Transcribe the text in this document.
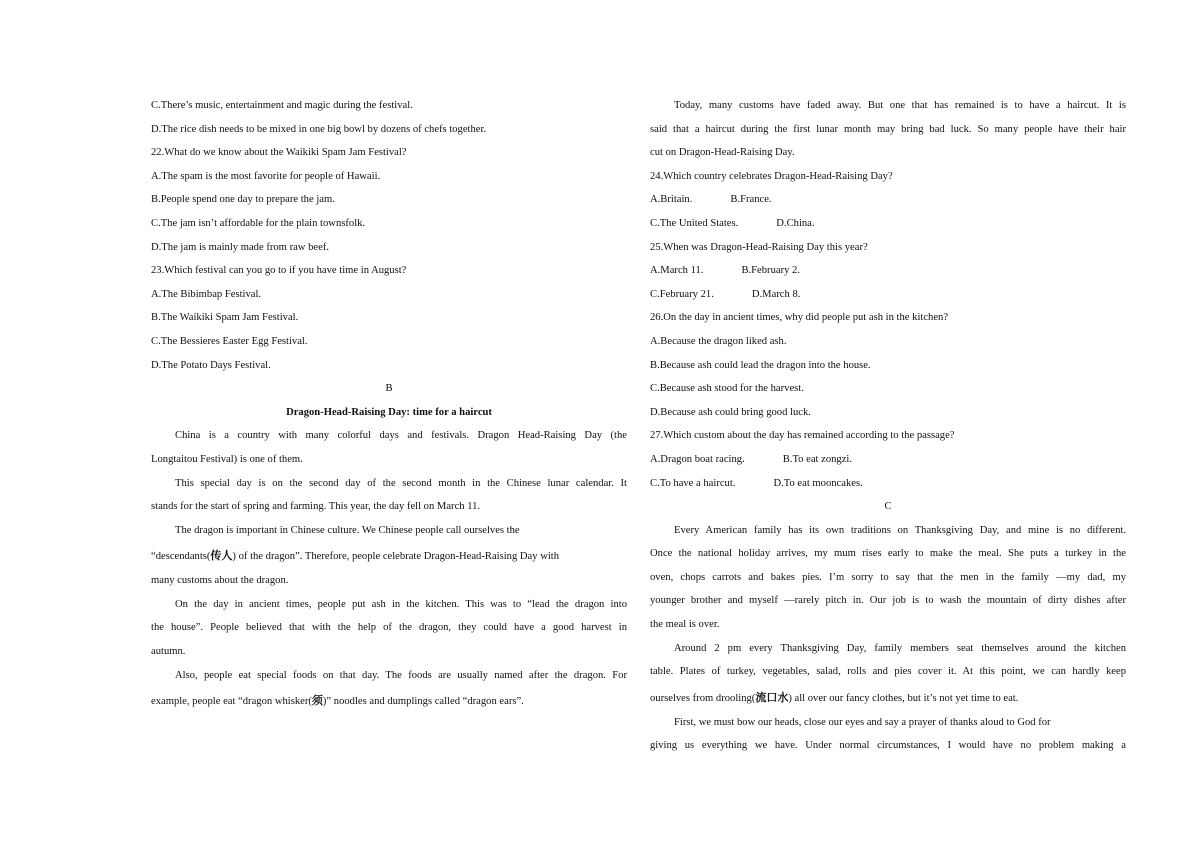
C.There’s music, entertainment and magic during the festival.
D.The rice dish needs to be mixed in one big bowl by dozens of chefs together.
22.What do we know about the Waikiki Spam Jam Festival?
A.The spam is the most favorite for people of Hawaii.
B.People spend one day to prepare the jam.
C.The jam isn’t affordable for the plain townsfolk.
D.The jam is mainly made from raw beef.
23.Which festival can you go to if you have time in August?
A.The Bibimbap Festival.
B.The Waikiki Spam Jam Festival.
C.The Bessieres Easter Egg Festival.
D.The Potato Days Festival.
B
Dragon-Head-Raising Day: time for a haircut
China is a country with many colorful days and festivals. Dragon Head-Raising Day (the
Longtaitou Festival) is one of them.
This special day is on the second day of the second month in the Chinese lunar calendar. It
stands for the start of spring and farming. This year, the day fell on March 11.
The dragon is important in Chinese culture. We Chinese people call ourselves the
“descendants(传人) of the dragon”. Therefore, people celebrate Dragon-Head-Raising Day with
many customs about the dragon.
On the day in ancient times, people put ash in the kitchen. This was to “lead the dragon into
the house”. People believed that with the help of the dragon, they could have a good harvest in
autumn.
Also, people eat special foods on that day. The foods are usually named after the dragon. For
example, people eat “dragon whisker(须)” noodles and dumplings called “dragon ears”.
Today, many customs have faded away. But one that has remained is to have a haircut. It is
said that a haircut during the first lunar month may bring bad luck. So many people have their hair
cut on Dragon-Head-Raising Day.
24.Which country celebrates Dragon-Head-Raising Day?
A.Britain.	B.France.
C.The United States.	D.China.
25.When was Dragon-Head-Raising Day this year?
A.March 11.	B.February 2.
C.February 21.	D.March 8.
26.On the day in ancient times, why did people put ash in the kitchen?
A.Because the dragon liked ash.
B.Because ash could lead the dragon into the house.
C.Because ash stood for the harvest.
D.Because ash could bring good luck.
27.Which custom about the day has remained according to the passage?
A.Dragon boat racing.	B.To eat zongzi.
C.To have a haircut.	D.To eat mooncakes.
C
Every American family has its own traditions on Thanksgiving Day, and mine is no different.
Once the national holiday arrives, my mum rises early to make the meal. She puts a turkey in the
oven, chops carrots and bakes pies. I’m sorry to say that the men in the family —my dad, my
younger brother and myself —rarely pitch in. Our job is to wash the mountain of dirty dishes after
the meal is over.
Around 2 pm every Thanksgiving Day, family members seat themselves around the kitchen
table. Plates of turkey, vegetables, salad, rolls and pies cover it. At this point, we can hardly keep
ourselves from drooling(流口水) all over our fancy clothes, but it’s not yet time to eat.
First, we must bow our heads, close our eyes and say a prayer of thanks aloud to God for
giving us everything we have. Under normal circumstances, I would have no problem making a
